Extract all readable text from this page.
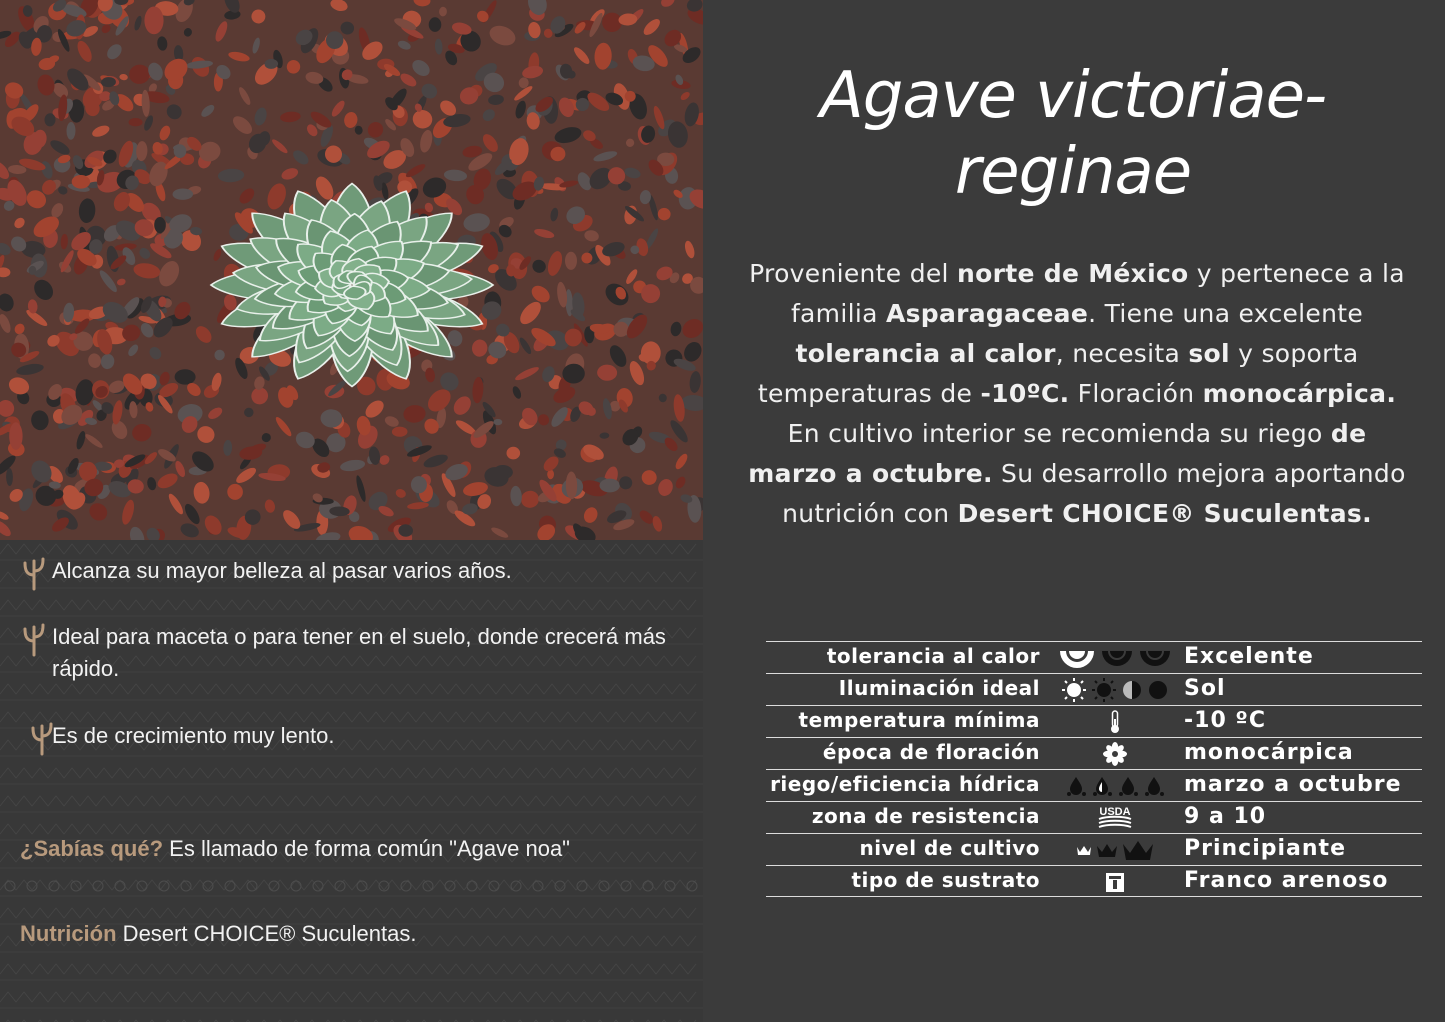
Alcanza su mayor belleza al pasar varios años.
Ideal para maceta o para tener en el suelo, donde crecerá más rápido.
Es de crecimiento muy lento.
¿Sabías qué? Es llamado de forma común "Agave noa"
Nutrición Desert CHOICE® Suculentas.
Agave victoriae-
reginae
Proveniente del norte de México y pertenece a la familia Asparagaceae. Tiene una excelente tolerancia al calor, necesita sol y soporta temperaturas de -10ºC. Floración monocárpica. En cultivo interior se recomienda su riego de marzo a octubre. Su desarrollo mejora aportando nutrición con Desert CHOICE® Suculentas.
tolerancia al calor	Excelente
Iluminación ideal	Sol
temperatura mínima	-10 ºC
época de floración	monocárpica
riego/eficiencia hídrica	marzo a octubre
zona de resistencia	USDA 9 a 10
nivel de cultivo	Principiante
tipo de sustrato	Franco arenoso
